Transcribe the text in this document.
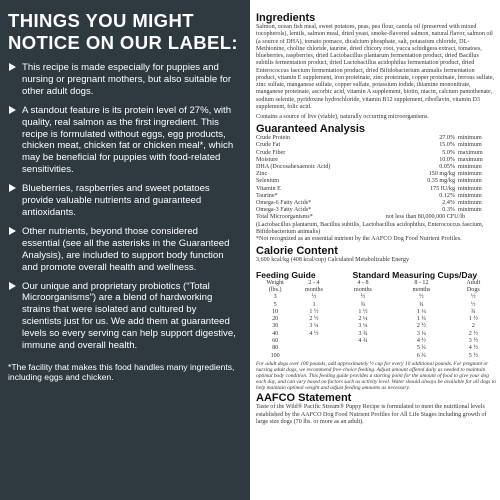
THINGS YOU MIGHT
NOTICE ON OUR LABEL:
This recipe is made especially for puppies and nursing or pregnant mothers, but also suitable for other adult dogs.
A standout feature is its protein level of 27%, with quality, real salmon as the first ingredient. This recipe is formulated without eggs, egg products, chicken meat, chicken fat or chicken meal*, which may be beneficial for puppies with food-related sensitivities.
Blueberries, raspberries and sweet potatoes provide valuable nutrients and guaranteed antioxidants.
Other nutrients, beyond those considered essential (see all the asterisks in the Guaranteed Analysis), are included to support body function and promote overall health and wellness.
Our unique and proprietary probiotics (“Total Microorganisms”) are a blend of hardworking strains that were isolated and cultured by scientists just for us. We add them at guaranteed levels so every serving can help support digestive, immune and overall health.
*The facility that makes this food handles many ingredients, including eggs and chicken.
Ingredients

Salmon, ocean fish meal, sweet potatoes, peas, pea flour, canola oil (preserved with mixed tocopherols), lentils, salmon meal, dried yeast, smoke-flavored salmon, natural flavor, salmon oil (a source of DHA), tomato pomace, dicalcium phosphate, salt, potassium chloride, DL-Methionine, choline chloride, taurine, dried chicory root, yucca schidigera extract, tomatoes, blueberries, raspberries, dried Lactobacillus plantarum fermentation product, dried Bacillus subtilis fermentation product, dried Lactobacillus acidophilus fermentation product, dried Enterococcus faecium fermentation product, dried Bifidobacterium animalis fermentation product, vitamin E supplement, iron proteinate, zinc proteinate, copper proteinate, ferrous sulfate, zinc sulfate, manganese sulfate, copper sulfate, potassium iodide, thiamine mononitrate, manganese proteinate, ascorbic acid, vitamin A supplement, biotin, niacin, calcium pantothenate, sodium selenite, pyridoxine hydrochloride, vitamin B12 supplement, riboflavin, vitamin D3 supplement, folic acid.

Contains a source of live (viable), naturally occurring microorganisms.

Guaranteed Analysis
Crude Protein	27.0%	minimum
Crude Fat	15.0%	minimum
Crude Fiber	5.0%	maximum
Moisture	10.0%	maximum
DHA (Docosahexaenoic Acid)	0.05%	minimum
Zinc	150 mg/kg	minimum
Selenium	0.35 mg/kg	minimum
Vitamin E	175 IU/kg	minimum
Taurine*	0.12%	minimum
Omega-6 Fatty Acids*	2.4%	minimum
Omega-3 Fatty Acids*	0.3%	minimum
Total Microorganisms*	not less than 80,000,000 CFU/lb	

(Lactobacillus plantarum, Bacillus subtilis, Lactobacillus acidophilus, Enterococcus faecium, Bifidobacterium animalis)

*Not recognized as an essential nutrient by the AAFCO Dog Food Nutrient Profiles.

Calorie Content

3,600 kcal/kg (408 kcal/cup) Calculated Metabolizable Energy

Feeding Guide		Standard Measuring Cups/Day		
Weight	2 - 4	4 - 8	8 - 12	Adult
(lbs.)	months	months	months	Dogs
3	½	½	½	½
5	1	¾	¾	½
10	1 ½	1 ½	1 ¼	¾
20	2 ½	2 ¼	1 ¾	1 ½
30	3 ¼	3 ¼	2 ½	2
40	4 ½	3 ¾	3 ¼	2 ½
60		4 ¾	4 ½	3 ½
80			5 ¾	4 ½
100			6 ¾	5 ½

For adult dogs over 100 pounds, add approximately ½ cup for every 10 additional pounds. For pregnant or nursing adult dogs, we recommend free-choice feeding. Adjust amount offered daily as needed to maintain optimal body condition. This feeding guide provides a starting point for the amount of food to give your dog each day, and can vary based on factors such as activity level. Water should always be available for all dogs to help maintain optimal weight and adjust feeding amounts as necessary.

AAFCO Statement

Taste of the Wild® Pacific Stream® Puppy Recipe is formulated to meet the nutritional levels established by the AAFCO Dog Food Nutrient Profiles for All Life Stages including growth of large size dogs (70 lbs. or more as an adult).
